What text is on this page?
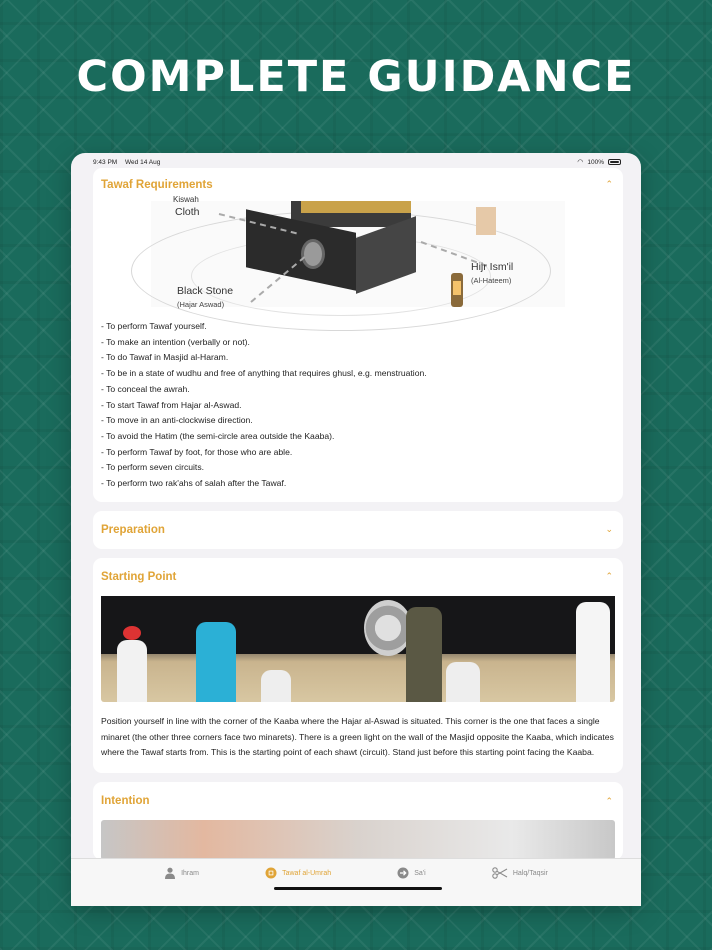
COMPLETE GUIDANCE
9:43 PM Wed 14 Aug	◠ 100%
Tawaf Requirements	⌃
Kiswah
Cloth
Black Stone
(Hajar Aswad)
Hijr Ism'il
(Al-Hateem)
- To perform Tawaf yourself.
- To make an intention (verbally or not).
- To do Tawaf in Masjid al-Haram.
- To be in a state of wudhu and free of anything that requires ghusl, e.g. menstruation.
- To conceal the awrah.
- To start Tawaf from Hajar al-Aswad.
- To move in an anti-clockwise direction.
- To avoid the Hatim (the semi-circle area outside the Kaaba).
- To perform Tawaf by foot, for those who are able.
- To perform seven circuits.
- To perform two rak'ahs of salah after the Tawaf.
Preparation	⌄
Starting Point	⌃
Position yourself in line with the corner of the Kaaba where the Hajar al-Aswad is situated. This corner is the one that faces a single minaret (the other three corners face two minarets). There is a green light on the wall of the Masjid opposite the Kaaba, which indicates where the Tawaf starts from. This is the starting point of each shawt (circuit). Stand just before this starting point facing the Kaaba.
Intention	⌃
Ihram	Tawaf al-Umrah	Sa'i	Halq/Taqsir
